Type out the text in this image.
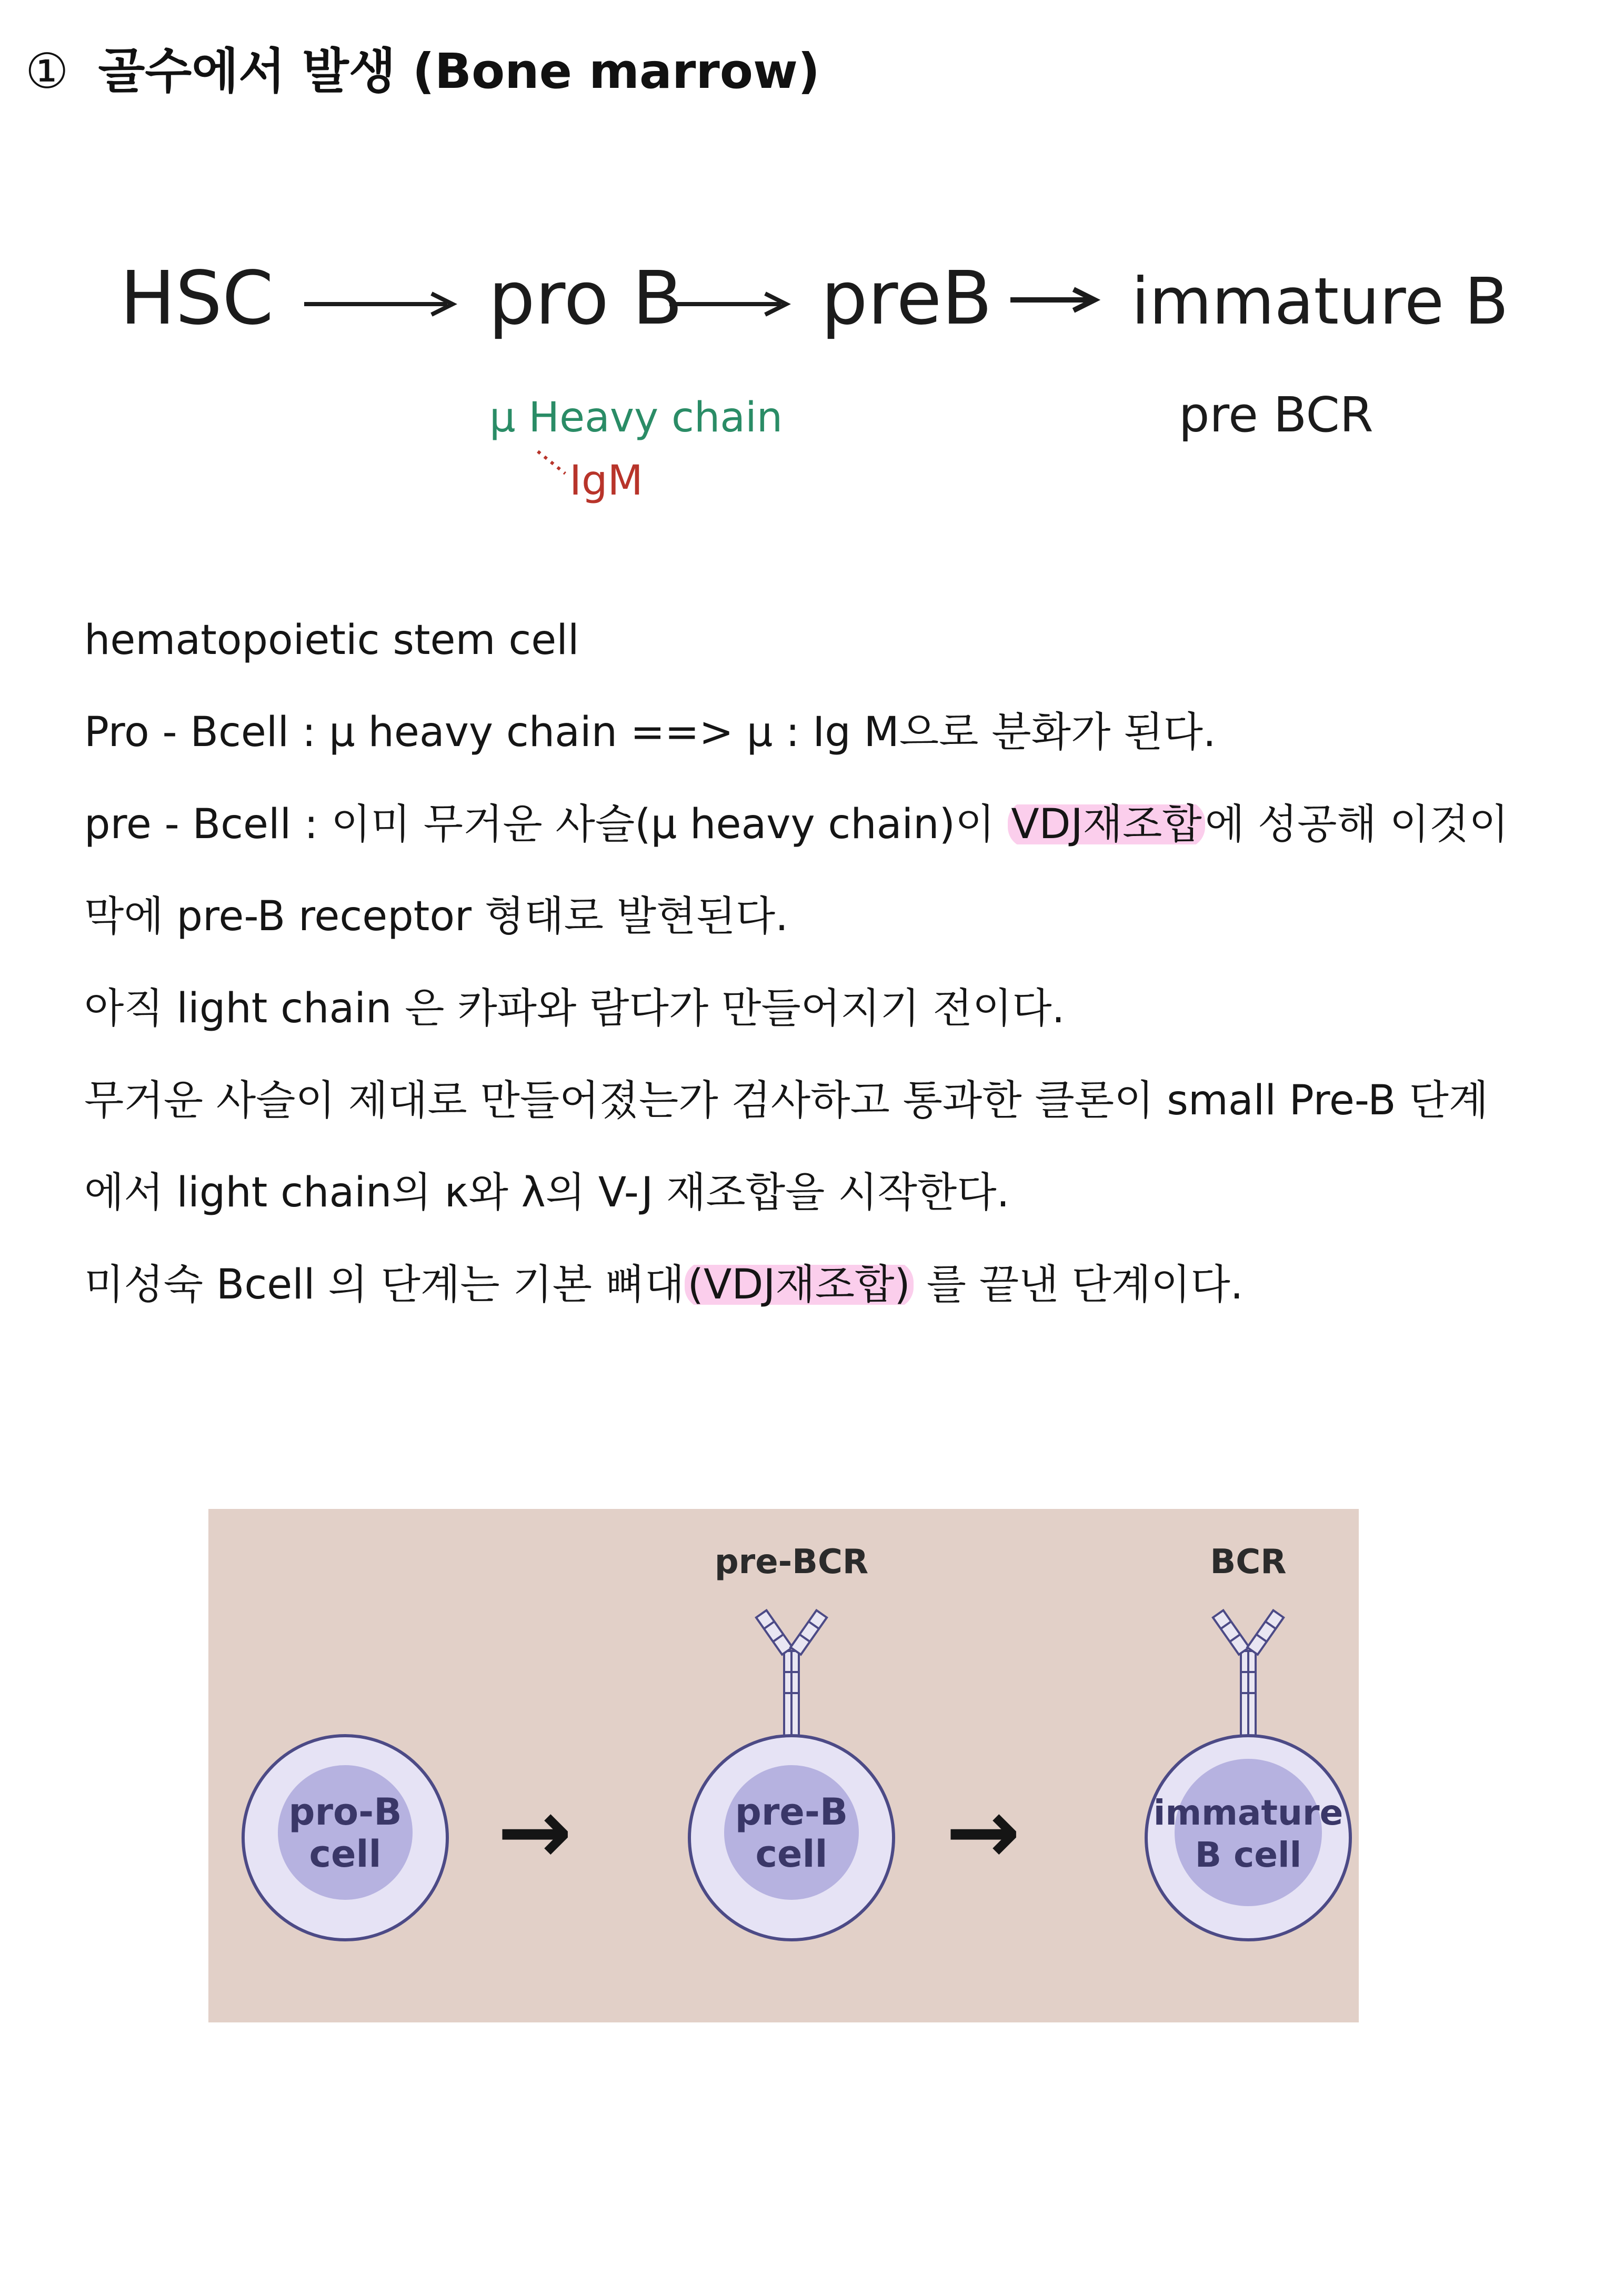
① 골수에서 발생 (Bone marrow)
HSC	pro B preB immature B
μ Heavy chain
IgM
pre BCR

hematopoietic stem cell

Pro - Bcell : μ heavy chain ==> μ : Ig M으로 분화가 된다.

pre - Bcell : 이미 무거운 사슬(μ heavy chain)이 VDJ재조합에 성공해 이것이

막에 pre-B receptor 형태로 발현된다.

아직 light chain 은 카파와 람다가 만들어지기 전이다.

무거운 사슬이 제대로 만들어졌는가 검사하고 통과한 클론이 small Pre-B 단계

에서 light chain의 κ와 λ의 V-J 재조합을 시작한다.

미성숙 Bcell 의 단계는 기본 뼈대(VDJ재조합) 를 끝낸 단계이다.

pro-B
cell →
pre-BCR
pre-B
cell →
BCR
immature
B cell
